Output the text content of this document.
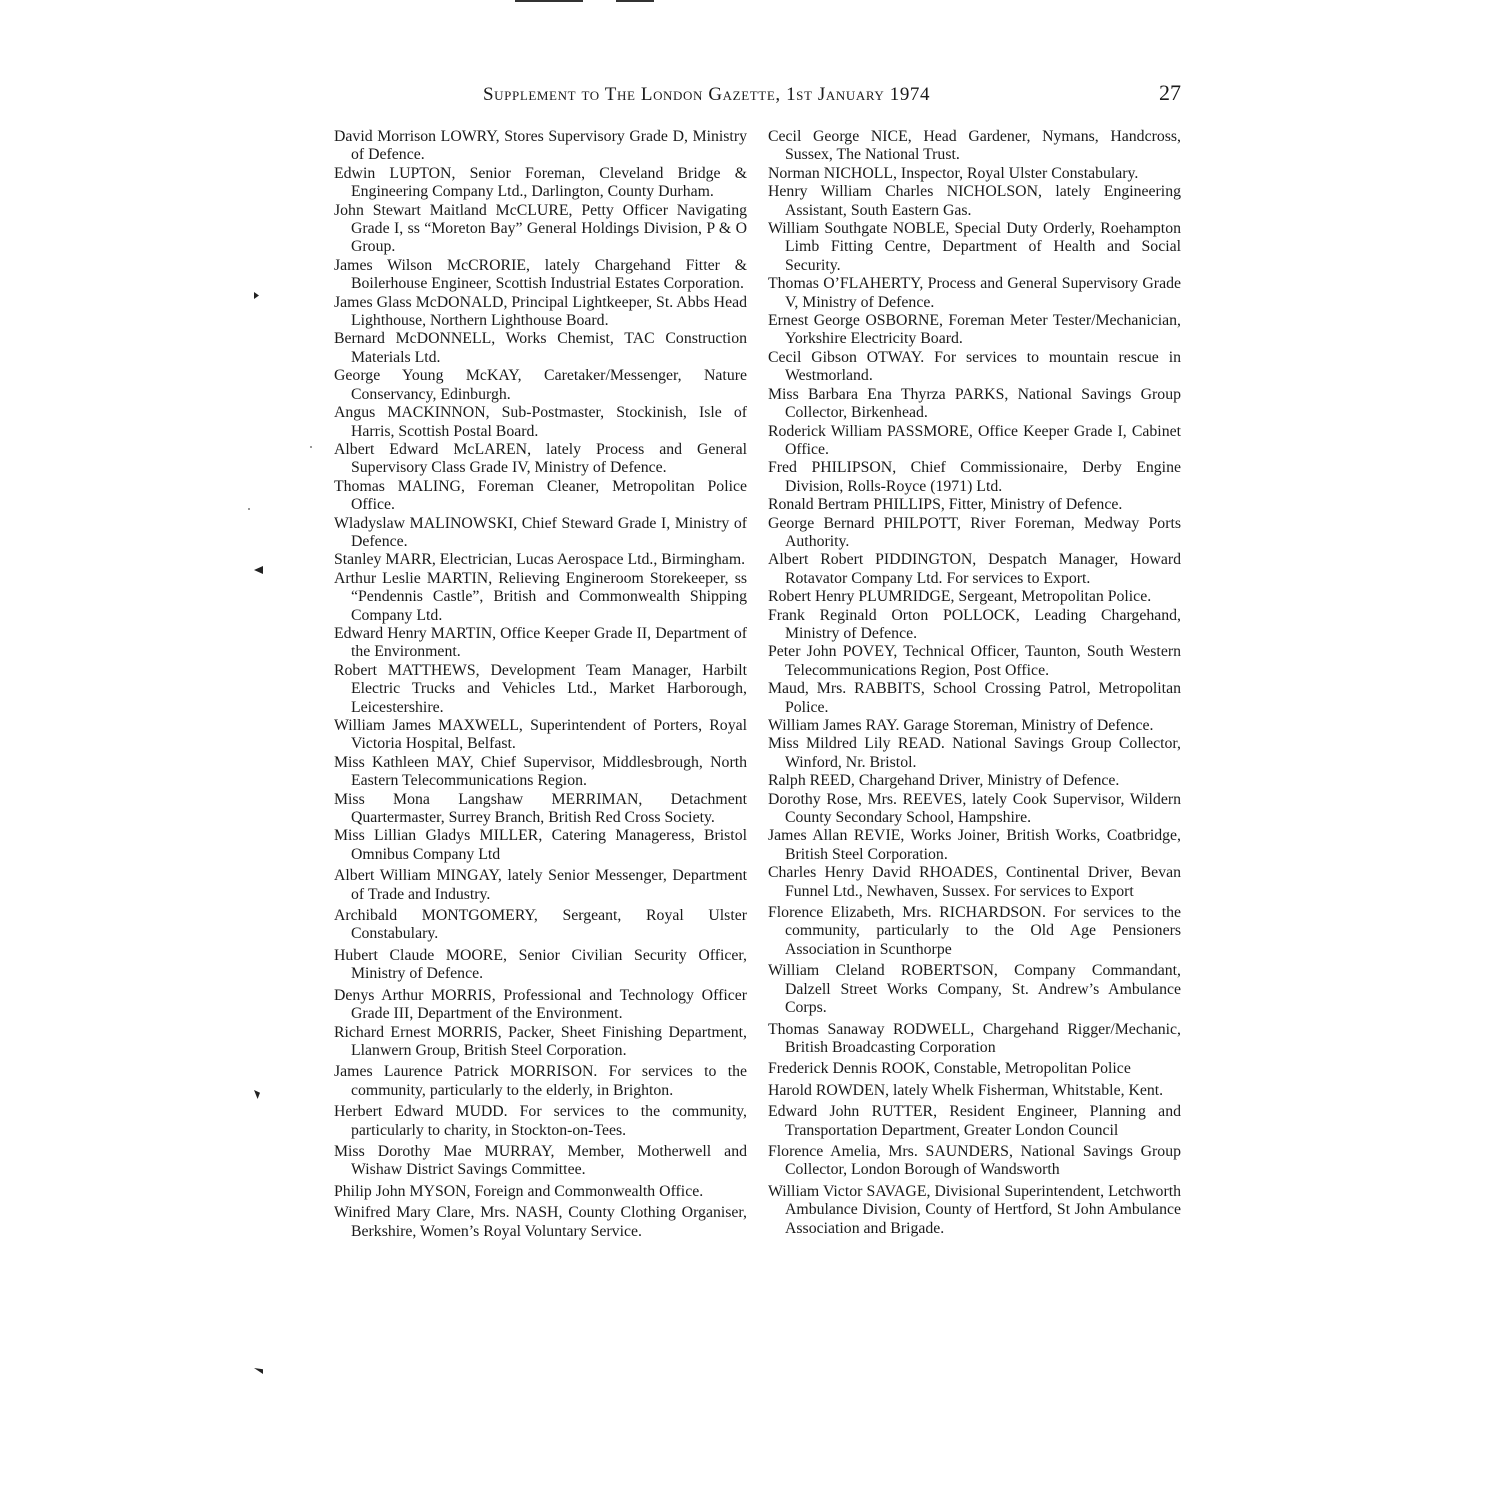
Supplement to The London Gazette, 1st January 1974	27

David Morrison LOWRY, Stores Supervisory Grade D, Ministry of Defence.

Edwin LUPTON, Senior Foreman, Cleveland Bridge & Engineering Company Ltd., Darlington, County Durham.

John Stewart Maitland McCLURE, Petty Officer Navigating Grade I, ss “Moreton Bay” General Holdings Division, P & O Group.

James Wilson McCRORIE, lately Chargehand Fitter & Boilerhouse Engineer, Scottish Industrial Estates Corporation.

James Glass McDONALD, Principal Lightkeeper, St. Abbs Head Lighthouse, Northern Lighthouse Board.

Bernard McDONNELL, Works Chemist, TAC Construction Materials Ltd.

George Young McKAY, Caretaker/Messenger, Nature Conservancy, Edinburgh.

Angus MACKINNON, Sub-Postmaster, Stockinish, Isle of Harris, Scottish Postal Board.

Albert Edward McLAREN, lately Process and General Supervisory Class Grade IV, Ministry of Defence.

Thomas MALING, Foreman Cleaner, Metropolitan Police Office.

Wladyslaw MALINOWSKI, Chief Steward Grade I, Ministry of Defence.

Stanley MARR, Electrician, Lucas Aerospace Ltd., Birmingham.

Arthur Leslie MARTIN, Relieving Engineroom Storekeeper, ss “Pendennis Castle”, British and Commonwealth Shipping Company Ltd.

Edward Henry MARTIN, Office Keeper Grade II, Department of the Environment.

Robert MATTHEWS, Development Team Manager, Harbilt Electric Trucks and Vehicles Ltd., Market Harborough, Leicestershire.

William James MAXWELL, Superintendent of Porters, Royal Victoria Hospital, Belfast.

Miss Kathleen MAY, Chief Supervisor, Middlesbrough, North Eastern Telecommunications Region.

Miss Mona Langshaw MERRIMAN, Detachment Quartermaster, Surrey Branch, British Red Cross Society.

Miss Lillian Gladys MILLER, Catering Manageress, Bristol Omnibus Company Ltd

Albert William MINGAY, lately Senior Messenger, Department of Trade and Industry.

Archibald MONTGOMERY, Sergeant, Royal Ulster Constabulary.

Hubert Claude MOORE, Senior Civilian Security Officer, Ministry of Defence.

Denys Arthur MORRIS, Professional and Technology Officer Grade III, Department of the Environment.

Richard Ernest MORRIS, Packer, Sheet Finishing Department, Llanwern Group, British Steel Corporation.

James Laurence Patrick MORRISON. For services to the community, particularly to the elderly, in Brighton.

Herbert Edward MUDD. For services to the community, particularly to charity, in Stockton-on-Tees.

Miss Dorothy Mae MURRAY, Member, Motherwell and Wishaw District Savings Committee.

Philip John MYSON, Foreign and Commonwealth Office.

Winifred Mary Clare, Mrs. NASH, County Clothing Organiser, Berkshire, Women’s Royal Voluntary Service.

Cecil George NICE, Head Gardener, Nymans, Handcross, Sussex, The National Trust.

Norman NICHOLL, Inspector, Royal Ulster Constabulary.

Henry William Charles NICHOLSON, lately Engineering Assistant, South Eastern Gas.

William Southgate NOBLE, Special Duty Orderly, Roehampton Limb Fitting Centre, Department of Health and Social Security.

Thomas O’FLAHERTY, Process and General Supervisory Grade V, Ministry of Defence.

Ernest George OSBORNE, Foreman Meter Tester/Mechanician, Yorkshire Electricity Board.

Cecil Gibson OTWAY. For services to mountain rescue in Westmorland.

Miss Barbara Ena Thyrza PARKS, National Savings Group Collector, Birkenhead.

Roderick William PASSMORE, Office Keeper Grade I, Cabinet Office.

Fred PHILIPSON, Chief Commissionaire, Derby Engine Division, Rolls-Royce (1971) Ltd.

Ronald Bertram PHILLIPS, Fitter, Ministry of Defence.

George Bernard PHILPOTT, River Foreman, Medway Ports Authority.

Albert Robert PIDDINGTON, Despatch Manager, Howard Rotavator Company Ltd. For services to Export.

Robert Henry PLUMRIDGE, Sergeant, Metropolitan Police.

Frank Reginald Orton POLLOCK, Leading Chargehand, Ministry of Defence.

Peter John POVEY, Technical Officer, Taunton, South Western Telecommunications Region, Post Office.

Maud, Mrs. RABBITS, School Crossing Patrol, Metropolitan Police.

William James RAY. Garage Storeman, Ministry of Defence.

Miss Mildred Lily READ. National Savings Group Collector, Winford, Nr. Bristol.

Ralph REED, Chargehand Driver, Ministry of Defence.

Dorothy Rose, Mrs. REEVES, lately Cook Supervisor, Wildern County Secondary School, Hampshire.

James Allan REVIE, Works Joiner, British Works, Coatbridge, British Steel Corporation.

Charles Henry David RHOADES, Continental Driver, Bevan Funnel Ltd., Newhaven, Sussex. For services to Export

Florence Elizabeth, Mrs. RICHARDSON. For services to the community, particularly to the Old Age Pensioners Association in Scunthorpe

William Cleland ROBERTSON, Company Commandant, Dalzell Street Works Company, St. Andrew’s Ambulance Corps.

Thomas Sanaway RODWELL, Chargehand Rigger/Mechanic, British Broadcasting Corporation

Frederick Dennis ROOK, Constable, Metropolitan Police

Harold ROWDEN, lately Whelk Fisherman, Whitstable, Kent.

Edward John RUTTER, Resident Engineer, Planning and Transportation Department, Greater London Council

Florence Amelia, Mrs. SAUNDERS, National Savings Group Collector, London Borough of Wandsworth

William Victor SAVAGE, Divisional Superintendent, Letchworth Ambulance Division, County of Hertford, St John Ambulance Association and Brigade.
